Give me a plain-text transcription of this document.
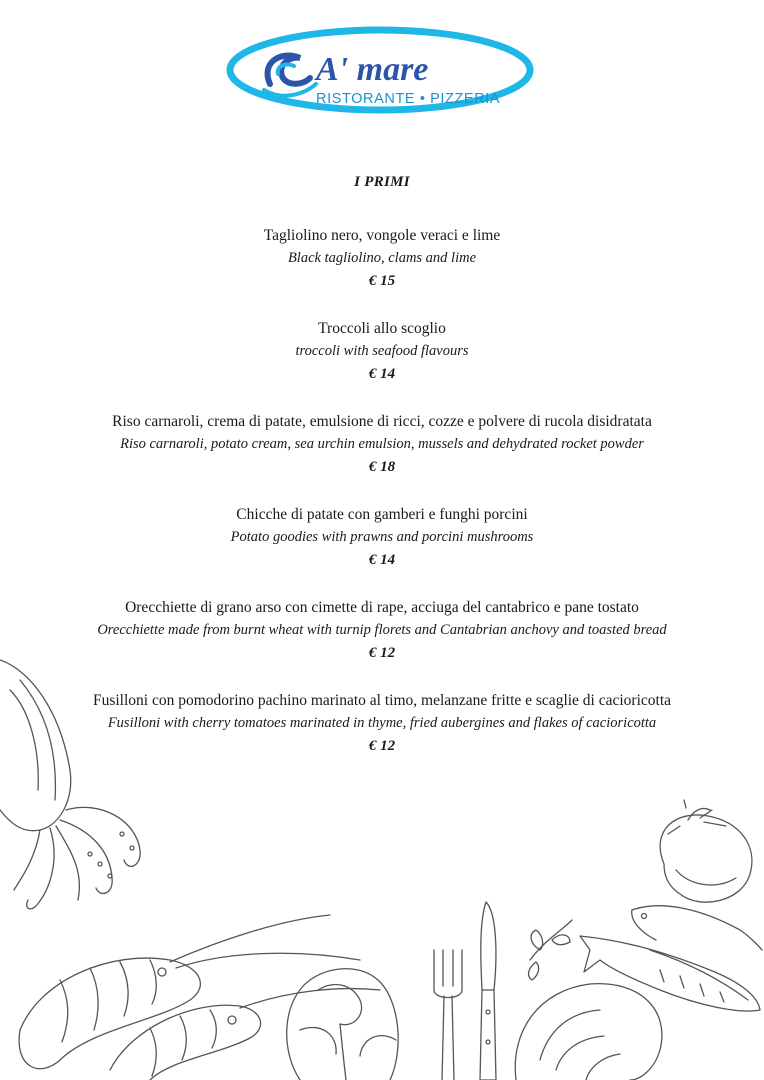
A' mare
RISTORANTE • PIZZERIA

I PRIMI

Tagliolino nero, vongole veraci e lime

Black tagliolino, clams and lime

€ 15

Troccoli allo scoglio

troccoli with seafood flavours

€ 14

Riso carnaroli, crema di patate, emulsione di ricci, cozze e polvere di rucola disidratata

Riso carnaroli, potato cream, sea urchin emulsion, mussels and dehydrated rocket powder

€ 18

Chicche di patate con gamberi e funghi porcini

Potato goodies with prawns and porcini mushrooms

€ 14

Orecchiette di grano arso con cimette di rape, acciuga del cantabrico e pane tostato

Orecchiette made from burnt wheat with turnip florets and Cantabrian anchovy and toasted bread

€ 12

Fusilloni con pomodorino pachino marinato al timo, melanzane fritte e scaglie di cacioricotta

Fusilloni with cherry tomatoes marinated in thyme, fried aubergines and flakes of cacioricotta

€ 12
